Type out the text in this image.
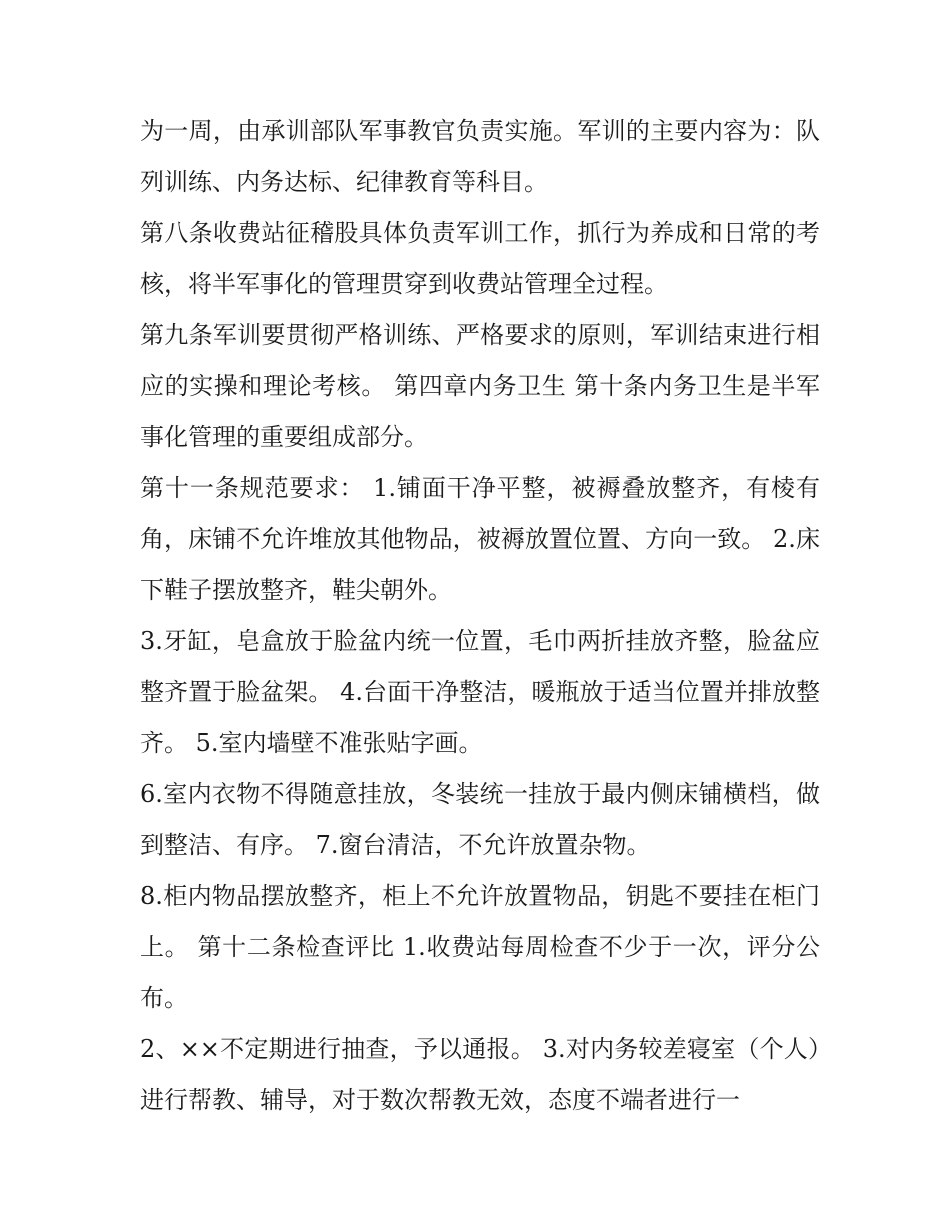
为一周，由承训部队军事教官负责实施。军训的主要内容为：队列训练、内务达标、纪律教育等科目。

第八条收费站征稽股具体负责军训工作，抓行为养成和日常的考核，将半军事化的管理贯穿到收费站管理全过程。

第九条军训要贯彻严格训练、严格要求的原则，军训结束进行相应的实操和理论考核。 第四章内务卫生 第十条内务卫生是半军事化管理的重要组成部分。

第十一条规范要求： 1.铺面干净平整，被褥叠放整齐，有棱有角，床铺不允许堆放其他物品，被褥放置位置、方向一致。 2.床下鞋子摆放整齐，鞋尖朝外。

3.牙缸，皂盒放于脸盆内统一位置，毛巾两折挂放齐整，脸盆应整齐置于脸盆架。 4.台面干净整洁，暖瓶放于适当位置并排放整齐。 5.室内墙壁不准张贴字画。

6.室内衣物不得随意挂放，冬装统一挂放于最内侧床铺横档，做到整洁、有序。 7.窗台清洁，不允许放置杂物。

8.柜内物品摆放整齐，柜上不允许放置物品，钥匙不要挂在柜门上。 第十二条检查评比 1.收费站每周检查不少于一次，评分公布。

2、××不定期进行抽查，予以通报。 3.对内务较差寝室（个人）进行帮教、辅导，对于数次帮教无效，态度不端者进行一
